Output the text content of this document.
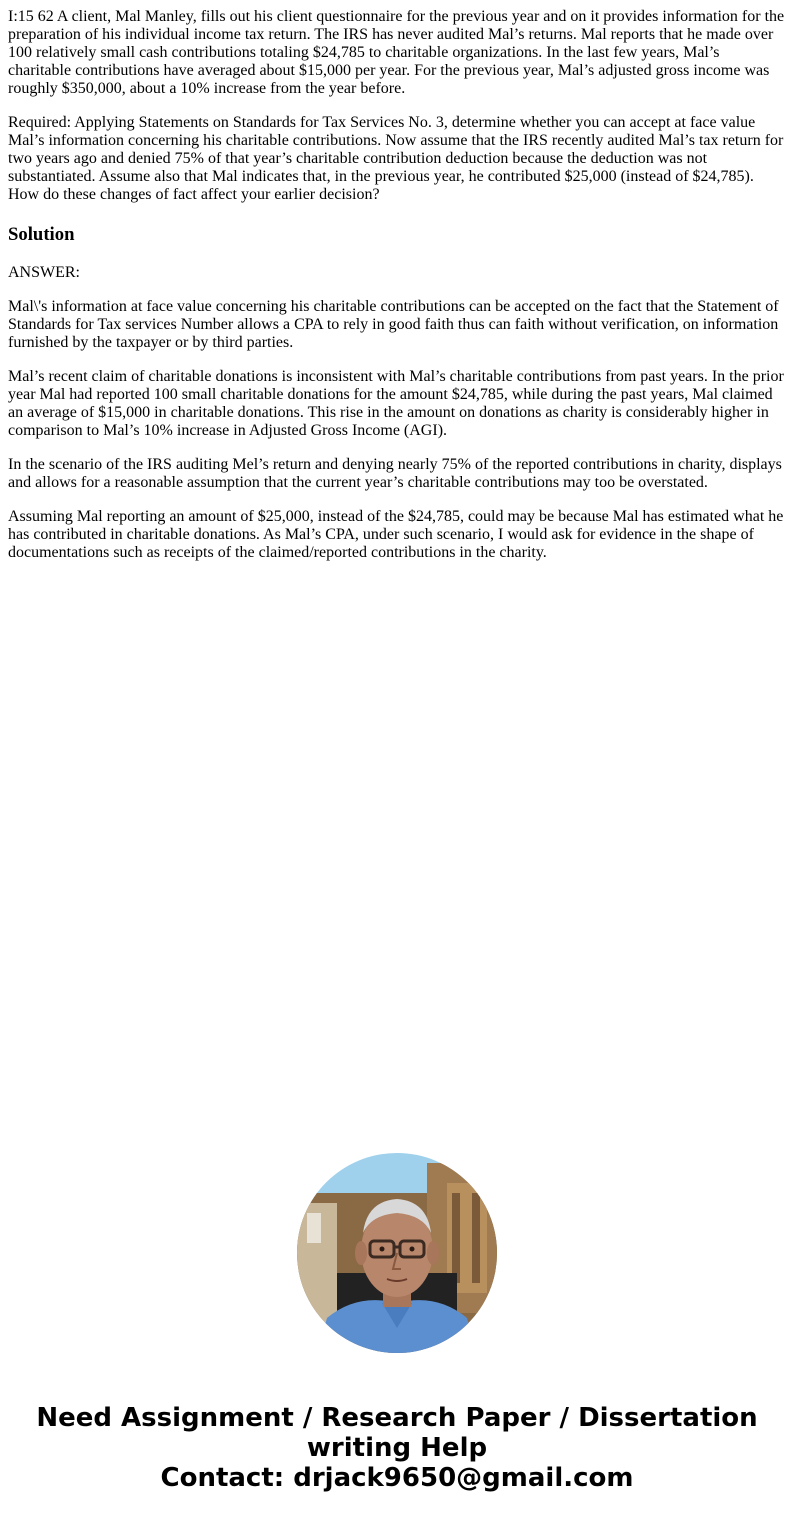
I:15 62 A client, Mal Manley, fills out his client questionnaire for the previous year and on it provides information for the preparation of his individual income tax return. The IRS has never audited Mal’s returns. Mal reports that he made over 100 relatively small cash contributions totaling $24,785 to charitable organizations. In the last few years, Mal’s charitable contributions have averaged about $15,000 per year. For the previous year, Mal’s adjusted gross income was roughly $350,000, about a 10% increase from the year before.

Required: Applying Statements on Standards for Tax Services No. 3, determine whether you can accept at face value Mal’s information concerning his charitable contributions. Now assume that the IRS recently audited Mal’s tax return for two years ago and denied 75% of that year’s charitable contribution deduction because the deduction was not substantiated. Assume also that Mal indicates that, in the previous year, he contributed $25,000 (instead of $24,785). How do these changes of fact affect your earlier decision?

Solution

ANSWER:

Mal\'s information at face value concerning his charitable contributions can be accepted on the fact that the Statement of Standards for Tax services Number allows a CPA to rely in good faith thus can faith without verification, on information furnished by the taxpayer or by third parties.

Mal’s recent claim of charitable donations is inconsistent with Mal’s charitable contributions from past years. In the prior year Mal had reported 100 small charitable donations for the amount $24,785, while during the past years, Mal claimed an average of $15,000 in charitable donations. This rise in the amount on donations as charity is considerably higher in comparison to Mal’s 10% increase in Adjusted Gross Income (AGI).

In the scenario of the IRS auditing Mel’s return and denying nearly 75% of the reported contributions in charity, displays and allows for a reasonable assumption that the current year’s charitable contributions may too be overstated.

Assuming Mal reporting an amount of $25,000, instead of the $24,785, could may be because Mal has estimated what he has contributed in charitable donations. As Mal’s CPA, under such scenario, I would ask for evidence in the shape of documentations such as receipts of the claimed/reported contributions in the charity.

Need Assignment / Research Paper / Dissertation
writing Help
Contact: drjack9650@gmail.com
